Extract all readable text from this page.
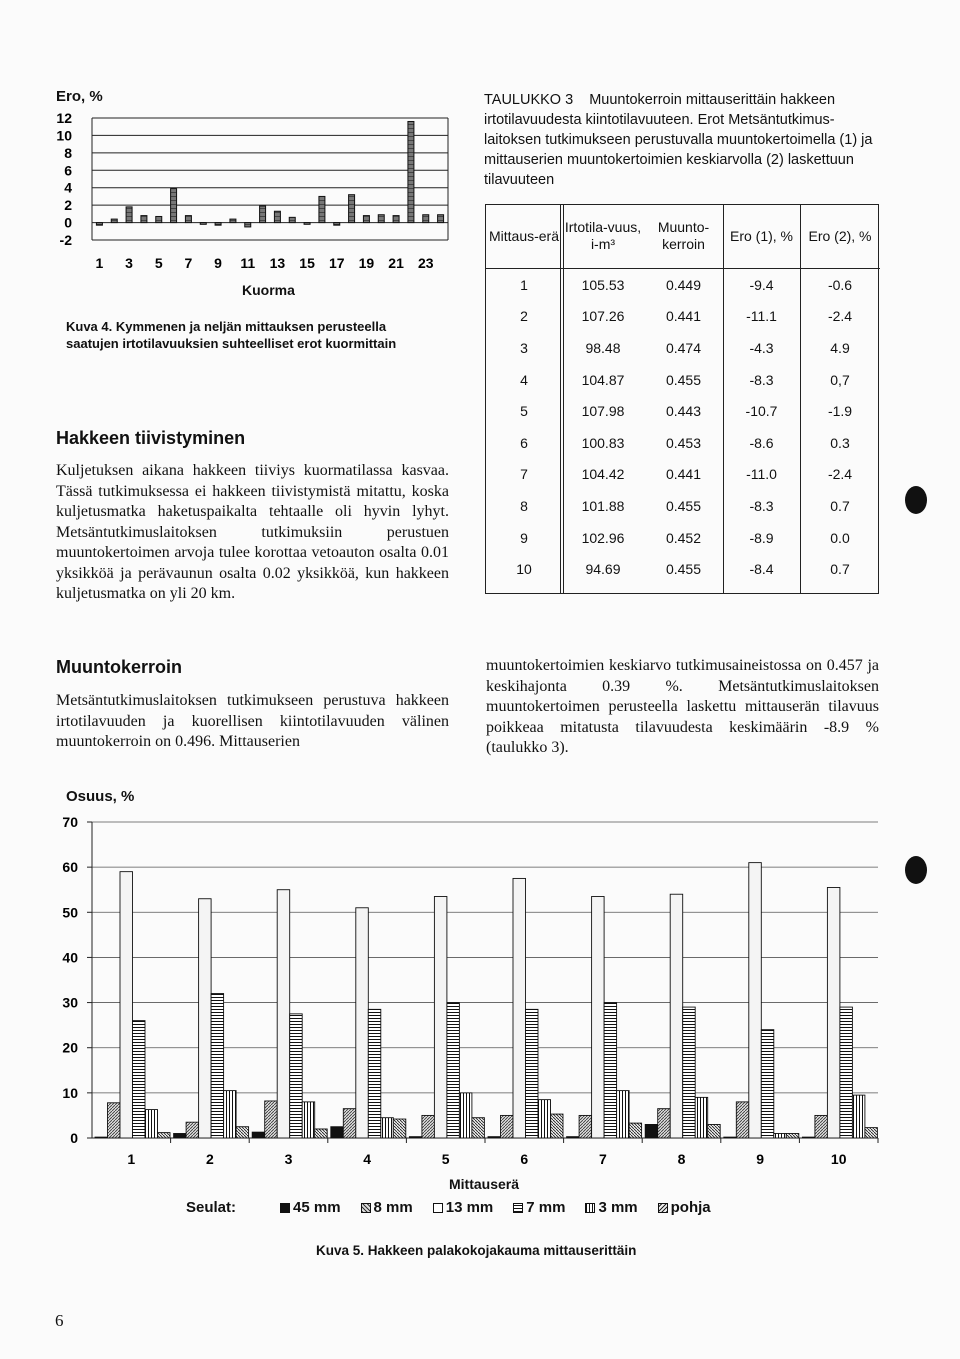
Ero, %
12
10
8
6
4
2
0
-2
1 3 5 7 9 11 13 15 17 19 21 23
Kuorma
Kuva 4. Kymmenen ja neljän mittauksen perusteella saatujen irtotilavuuksien suhteelliset erot kuormittain
TAULUKKO 3 Muuntokerroin mittauserittäin hakkeen irtotilavuudesta kiintotilavuuteen. Erot Metsäntutkimuslaitoksen tutkimukseen perustuvalla muuntokertoimella (1) ja mittauserien muuntokertoimien keskiarvolla (2) laskettuun tilavuuteen
Mittaus-erä	Irtotila-vuus, i-m³	Muunto-kerroin	Ero (1), %	Ero (2), %
1	105.53	0.449	-9.4	-0.6
2	107.26	0.441	-11.1	-2.4
3	98.48	0.474	-4.3	4.9
4	104.87	0.455	-8.3	0,7
5	107.98	0.443	-10.7	-1.9
6	100.83	0.453	-8.6	0.3
7	104.42	0.441	-11.0	-2.4
8	101.88	0.455	-8.3	0.7
9	102.96	0.452	-8.9	0.0
10	94.69	0.455	-8.4	0.7
Hakkeen tiivistyminen
Kuljetuksen aikana hakkeen tiiviys kuormatilassa kasvaa. Tässä tutkimuksessa ei hakkeen tiivistymistä mitattu, koska kuljetusmatka haketuspaikalta tehtaalle oli hyvin lyhyt. Metsäntutkimuslaitoksen tutkimuksiin perustuen muuntokertoimen arvoja tulee korottaa vetoauton osalta 0.01 yksikköä ja perävaunun osalta 0.02 yksikköä, kun hakkeen kuljetusmatka on yli 20 km.
Muuntokerroin
Metsäntutkimuslaitoksen tutkimukseen perustuva hakkeen irtotilavuuden ja kuorellisen kiintotilavuuden välinen muuntokerroin on 0.496. Mittauserien
muuntokertoimien keskiarvo tutkimusaineistossa on 0.457 ja keskihajonta 0.39 %. Metsäntutkimuslaitoksen muuntokertoimen perusteella laskettu mittauserän tilavuus poikkeaa mitatusta tilavuudesta keskimäärin -8.9 % (taulukko 3).
Osuus, %
70
60
50
40
30
20
10
0
1	2	3	4	5	6	7	8	9	10
Mittauserä
Seulat:	45 mm 8 mm 13 mm 7 mm 3 mm pohja
Kuva 5. Hakkeen palakokojakauma mittauserittäin
6
